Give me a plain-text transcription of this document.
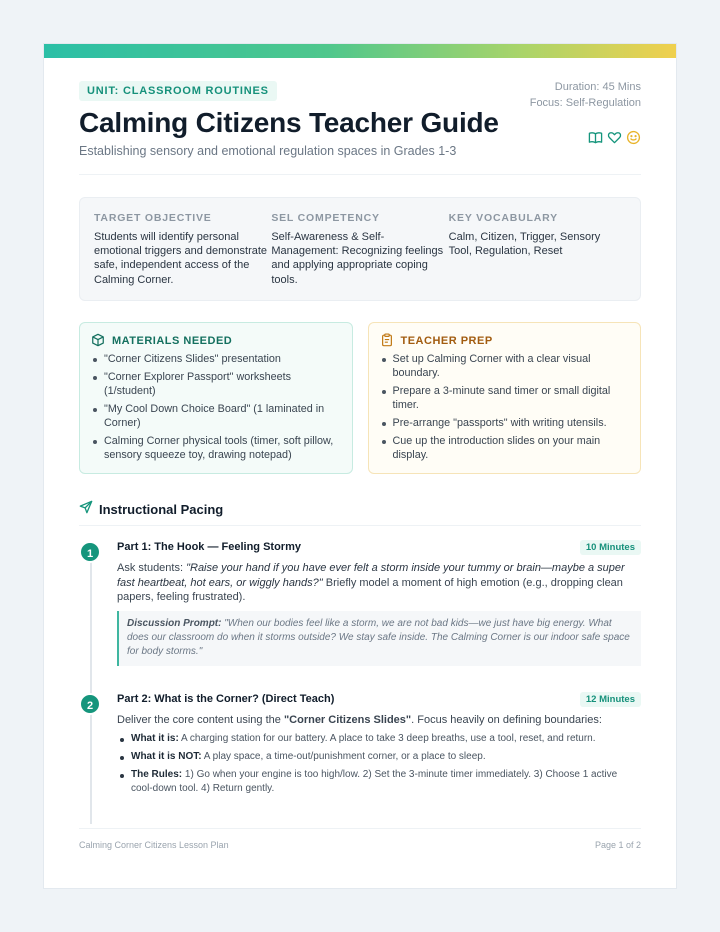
UNIT: CLASSROOM ROUTINES
Calming Citizens Teacher Guide

Establishing sensory and emotional regulation spaces in Grades 1-3

Duration: 45 Mins
Focus: Self-Regulation
TARGET OBJECTIVE
Students will identify personal emotional triggers and demonstrate safe, independent access of the Calming Corner.
SEL COMPETENCY
Self-Awareness & Self-Management: Recognizing feelings and applying appropriate coping tools.
KEY VOCABULARY
Calm, Citizen, Trigger, Sensory Tool, Regulation, Reset
MATERIALS NEEDED
"Corner Citizens Slides" presentation
"Corner Explorer Passport" worksheets (1/student)
"My Cool Down Choice Board" (1 laminated in Corner)
Calming Corner physical tools (timer, soft pillow, sensory squeeze toy, drawing notepad)
TEACHER PREP
Set up Calming Corner with a clear visual boundary.
Prepare a 3-minute sand timer or small digital timer.
Pre-arrange "passports" with writing utensils.
Cue up the introduction slides on your main display.
Instructional Pacing
1
Part 1: The Hook — Feeling Stormy	10 Minutes

Ask students: "Raise your hand if you have ever felt a storm inside your tummy or brain—maybe a super fast heartbeat, hot ears, or wiggly hands?" Briefly model a moment of high emotion (e.g., dropping clean papers, feeling frustrated).

Discussion Prompt: "When our bodies feel like a storm, we are not bad kids—we just have big energy. What does our classroom do when it storms outside? We stay safe inside. The Calming Corner is our indoor safe space for body storms."
2
Part 2: What is the Corner? (Direct Teach)	12 Minutes

Deliver the core content using the "Corner Citizens Slides". Focus heavily on defining boundaries:

What it is: A charging station for our battery. A place to take 3 deep breaths, use a tool, reset, and return.
What it is NOT: A play space, a time-out/punishment corner, or a place to sleep.
The Rules: 1) Go when your engine is too high/low. 2) Set the 3-minute timer immediately. 3) Choose 1 active cool-down tool. 4) Return gently.
Calming Corner Citizens Lesson Plan	Page 1 of 2
